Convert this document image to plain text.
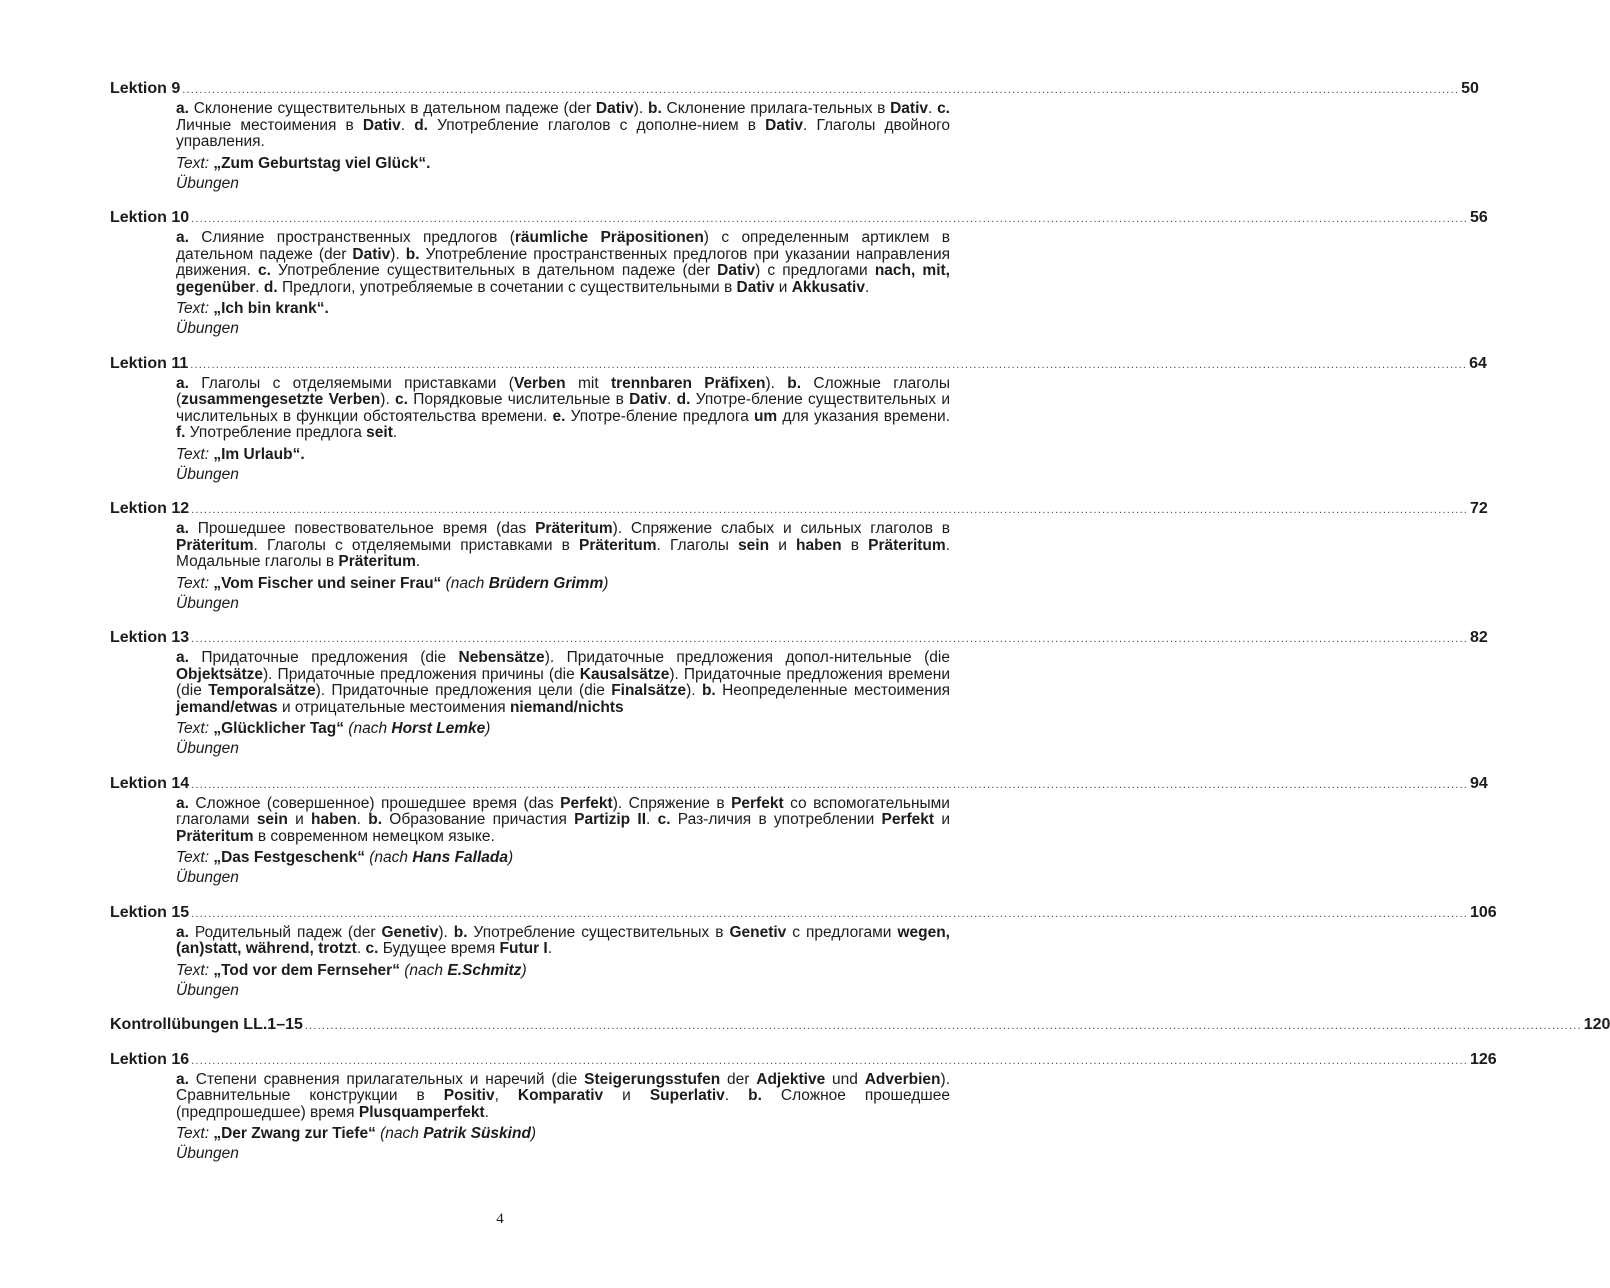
Lektion 9 ............................................................................................................................................................................................................................................................................................................ 50
a. Склонение существительных в дательном падеже (der Dativ). b. Склонение прилага-тельных в Dativ. c. Личные местоимения в Dativ. d. Употребление глаголов с дополне-нием в Dativ. Глаголы двойного управления.
Text: „Zum Geburtstag viel Glück“.
Übungen
Lektion 10 ............................................................................................................................................................................................................................................................................................................ 56
a. Слияние пространственных предлогов (räumliche Präpositionen) с определенным артиклем в дательном падеже (der Dativ). b. Употребление пространственных предлогов при указании направления движения. c. Употребление существительных в дательном падеже (der Dativ) с предлогами nach, mit, gegenüber. d. Предлоги, употребляемые в сочетании с существительными в Dativ и Akkusativ.
Text: „Ich bin krank“.
Übungen
Lektion 11 ............................................................................................................................................................................................................................................................................................................ 64
a. Глаголы с отделяемыми приставками (Verben mit trennbaren Präfixen). b. Сложные глаголы (zusammengesetzte Verben). c. Порядковые числительные в Dativ. d. Употре-бление существительных и числительных в функции обстоятельства времени. e. Употре-бление предлога um для указания времени. f. Употребление предлога seit.
Text: „Im Urlaub“.
Übungen
Lektion 12 ............................................................................................................................................................................................................................................................................................................ 72
a. Прошедшее повествовательное время (das Präteritum). Спряжение слабых и сильных глаголов в Präteritum. Глаголы с отделяемыми приставками в Präteritum. Глаголы sein и haben в Präteritum. Модальные глаголы в Präteritum.
Text: „Vom Fischer und seiner Frau“ (nach Brüdern Grimm)
Übungen
Lektion 13 ............................................................................................................................................................................................................................................................................................................ 82
a. Придаточные предложения (die Nebensätze). Придаточные предложения допол-нительные (die Objektsätze). Придаточные предложения причины (die Kausalsätze). Придаточные предложения времени (die Temporalsätze). Придаточные предложения цели (die Finalsätze). b. Неопределенные местоимения jemand/etwas и отрицательные местоимения niemand/nichts
Text: „Glücklicher Tag“ (nach Horst Lemke)
Übungen
Lektion 14 ............................................................................................................................................................................................................................................................................................................ 94
a. Сложное (совершенное) прошедшее время (das Perfekt). Спряжение в Perfekt со вспомогательными глаголами sein и haben. b. Образование причастия Partizip II. c. Раз-личия в употреблении Perfekt и Präteritum в современном немецком языке.
Text: „Das Festgeschenk“ (nach Hans Fallada)
Übungen
Lektion 15 ............................................................................................................................................................................................................................................................................................................ 106
a. Родительный падеж (der Genetiv). b. Употребление существительных в Genetiv с предлогами wegen, (an)statt, während, trotzt. c. Будущее время Futur I.
Text: „Tod vor dem Fernseher“ (nach E.Schmitz)
Übungen
Kontrollübungen LL.1–15 ............................................................................................................................................................................................................................................................................................................ 120
Lektion 16 ............................................................................................................................................................................................................................................................................................................ 126
a. Степени сравнения прилагательных и наречий (die Steigerungsstufen der Adjektive und Adverbien). Сравнительные конструкции в Positiv, Komparativ и Superlativ. b. Сложное прошедшее (предпрошедшее) время Plusquamperfekt.
Text: „Der Zwang zur Tiefe“ (nach Patrik Süskind)
Übungen
4
